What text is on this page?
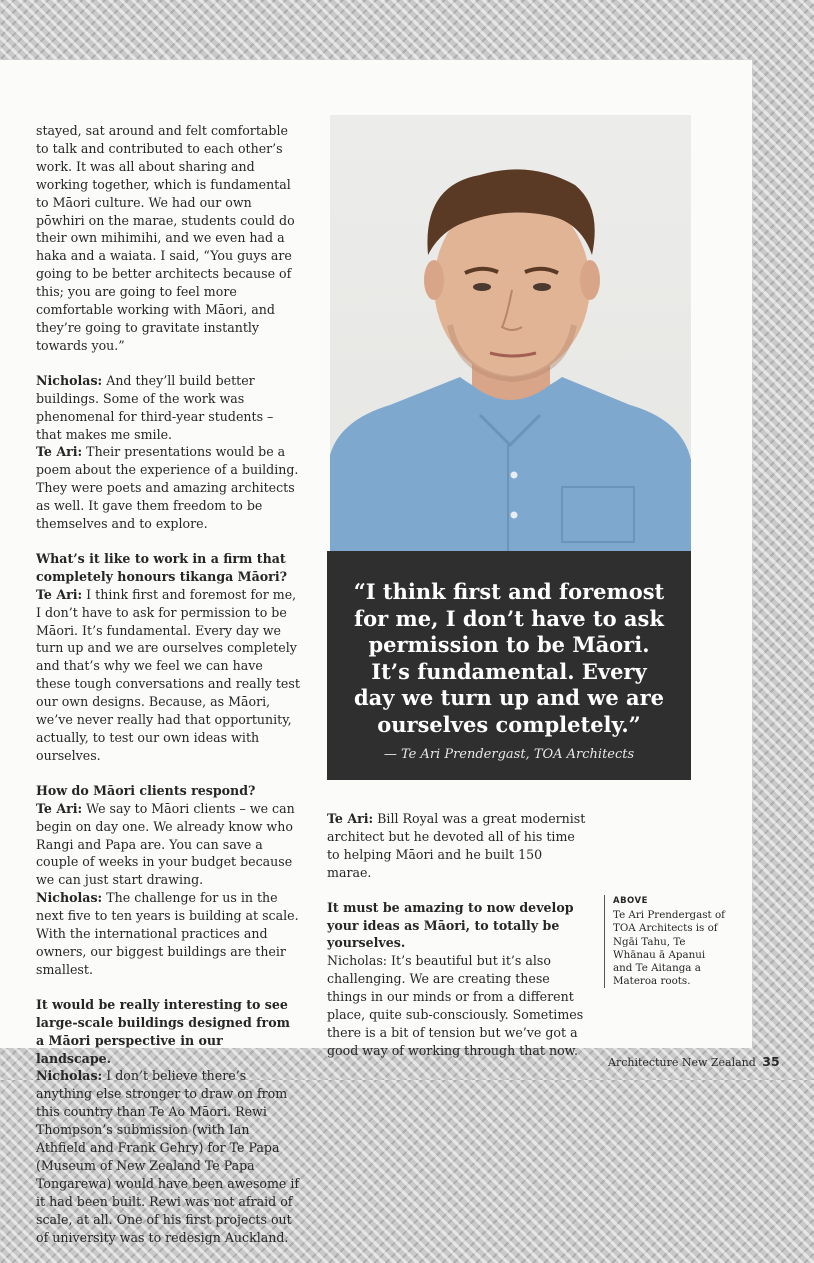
stayed, sat around and felt comfortable to talk and contributed to each other’s work. It was all about sharing and working together, which is fundamental to Māori culture. We had our own pōwhiri on the marae, students could do their own mihimihi, and we even had a haka and a waiata. I said, “You guys are going to be better architects because of this; you are going to feel more comfortable working with Māori, and they’re going to gravitate instantly towards you.”

Nicholas: And they’ll build better buildings. Some of the work was phenomenal for third-year students – that makes me smile.
Te Ari: Their presentations would be a poem about the experience of a building. They were poets and amazing architects as well. It gave them freedom to be themselves and to explore.

What’s it like to work in a firm that completely honours tikanga Māori?
Te Ari: I think first and foremost for me, I don’t have to ask for permission to be Māori. It’s fundamental. Every day we turn up and we are ourselves completely and that’s why we feel we can have these tough conversations and really test our own designs. Because, as Māori, we’ve never really had that opportunity, actually, to test our own ideas with ourselves.

How do Māori clients respond?
Te Ari: We say to Māori clients – we can begin on day one. We already know who Rangi and Papa are. You can save a couple of weeks in your budget because we can just start drawing.
Nicholas: The challenge for us in the next five to ten years is building at scale. With the international practices and owners, our biggest buildings are their smallest.

It would be really interesting to see large-scale buildings designed from a Māori perspective in our landscape.
Nicholas: I don’t believe there’s anything else stronger to draw on from this country than Te Ao Māori. Rewi Thompson’s submission (with Ian Athfield and Frank Gehry) for Te Papa (Museum of New Zealand Te Papa Tongarewa) would have been awesome if it had been built. Rewi was not afraid of scale, at all. One of his first projects out of university was to redesign Auckland.

“I think first and foremost for me, I don’t have to ask permission to be Māori. It’s fundamental. Every day we turn up and we are ourselves completely.”
— Te Ari Prendergast, TOA Architects

Te Ari: Bill Royal was a great modernist architect but he devoted all of his time to helping Māori and he built 150 marae.

It must be amazing to now develop your ideas as Māori, to totally be yourselves.
Nicholas: It’s beautiful but it’s also challenging. We are creating these things in our minds or from a different place, quite sub-consciously. Sometimes there is a bit of tension but we’ve got a good way of working through that now.

ABOVE
Te Ari Prendergast of TOA Architects is of Ngāi Tahu, Te Whānau ā Apanui and Te Aitanga a Materoa roots.
Architecture New Zealand 35
